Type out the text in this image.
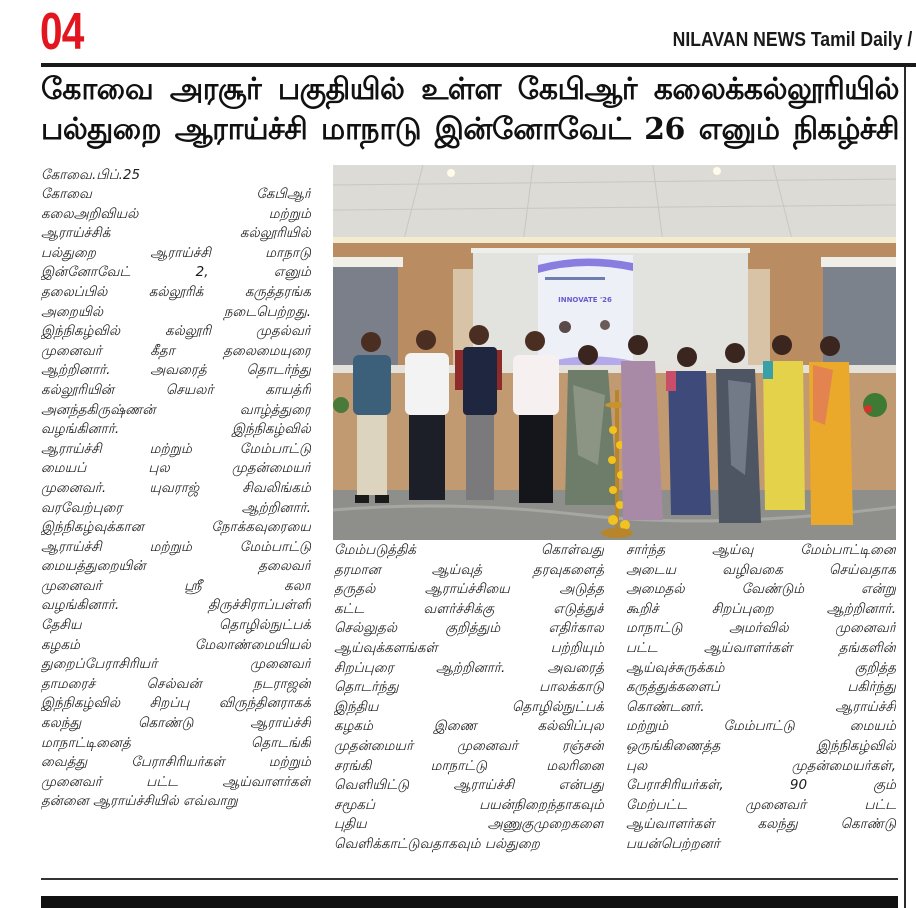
04	NILAVAN NEWS Tamil Daily /
கோவை அரசூர் பகுதியில் உள்ள கேபிஆர் கலைக்கல்லூரியில்
பல்துறை ஆராய்ச்சி மாநாடு இன்னோவேட் 26 எனும் நிகழ்ச்சி
கோவை.பிப்.25
கோவை கேபிஆர்
கலைஅறிவியல் மற்றும்
ஆராய்ச்சிக் கல்லூரியில்
பல்துறை ஆராய்ச்சி மாநாடு
இன்னோவேட் 2, எனும்
தலைப்பில் கல்லூரிக் கருத்தரங்க
அறையில் நடைபெற்றது.
இந்நிகழ்வில் கல்லூரி முதல்வர்
முனைவர் கீதா தலைமையுரை
ஆற்றினார். அவரைத் தொடர்ந்து
கல்லூரியின் செயலர் காயத்ரி
அனந்தகிருஷ்ணன் வாழ்த்துரை
வழங்கினார். இந்நிகழ்வில்
ஆராய்ச்சி மற்றும் மேம்பாட்டு
மையப் புல முதன்மையர்
முனைவர். யுவராஜ் சிவலிங்கம்
வரவேற்புரை ஆற்றினார்.
இந்நிகழ்வுக்கான நோக்கவுரையை
ஆராய்ச்சி மற்றும் மேம்பாட்டு
மையத்துறையின் தலைவர்
முனைவர் ஸ்ரீ கலா
வழங்கினார். திருச்சிராப்பள்ளி
தேசிய தொழில்நுட்பக்
கழகம் மேலாண்மையியல்
துறைப்பேராசிரியர் முனைவர்
தாமரைச் செல்வன் நடராஜன்
இந்நிகழ்வில் சிறப்பு விருந்தினராகக்
கலந்து கொண்டு ஆராய்ச்சி
மாநாட்டினைத் தொடங்கி
வைத்து பேராசிரியர்கள் மற்றும்
முனைவர் பட்ட ஆய்வாளர்கள்
தன்னை ஆராய்ச்சியில் எவ்வாறு
மேம்படுத்திக் கொள்வது
தரமான ஆய்வுத் தரவுகளைத்
தருதல் ஆராய்ச்சியை அடுத்த
கட்ட வளர்ச்சிக்கு எடுத்துச்
செல்லுதல் குறித்தும் எதிர்கால
ஆய்வுக்களங்கள் பற்றியும்
சிறப்புரை ஆற்றினார். அவரைத்
தொடர்ந்து பாலக்காடு
இந்திய தொழில்நுட்பக்
கழகம் இணை கல்விப்புல
முதன்மையர் முனைவர் ரஞ்சன்
சரங்கி மாநாட்டு மலரினை
வெளியிட்டு ஆராய்ச்சி என்பது
சமூகப் பயன்நிறைந்தாகவும்
புதிய அணுகுமுறைகளை
வெளிக்காட்டுவதாகவும் பல்துறை
சார்ந்த ஆய்வு மேம்பாட்டினை
அடைய வழிவகை செய்வதாக
அமைதல் வேண்டும் என்று
கூறிச் சிறப்புறை ஆற்றினார்.
மாநாட்டு அமர்வில் முனைவர்
பட்ட ஆய்வாளர்கள் தங்களின்
ஆய்வுச்சுருக்கம் குறித்த
கருத்துக்களைப் பகிர்ந்து
கொண்டனர். ஆராய்ச்சி
மற்றும் மேம்பாட்டு மையம்
ஒருங்கிணைத்த இந்நிகழ்வில்
புல முதன்மையர்கள்,
பேராசிரியர்கள், 90 கும்
மேற்பட்ட முனைவர் பட்ட
ஆய்வாளர்கள் கலந்து கொண்டு
பயன்பெற்றனர்
INNOVATE '26
